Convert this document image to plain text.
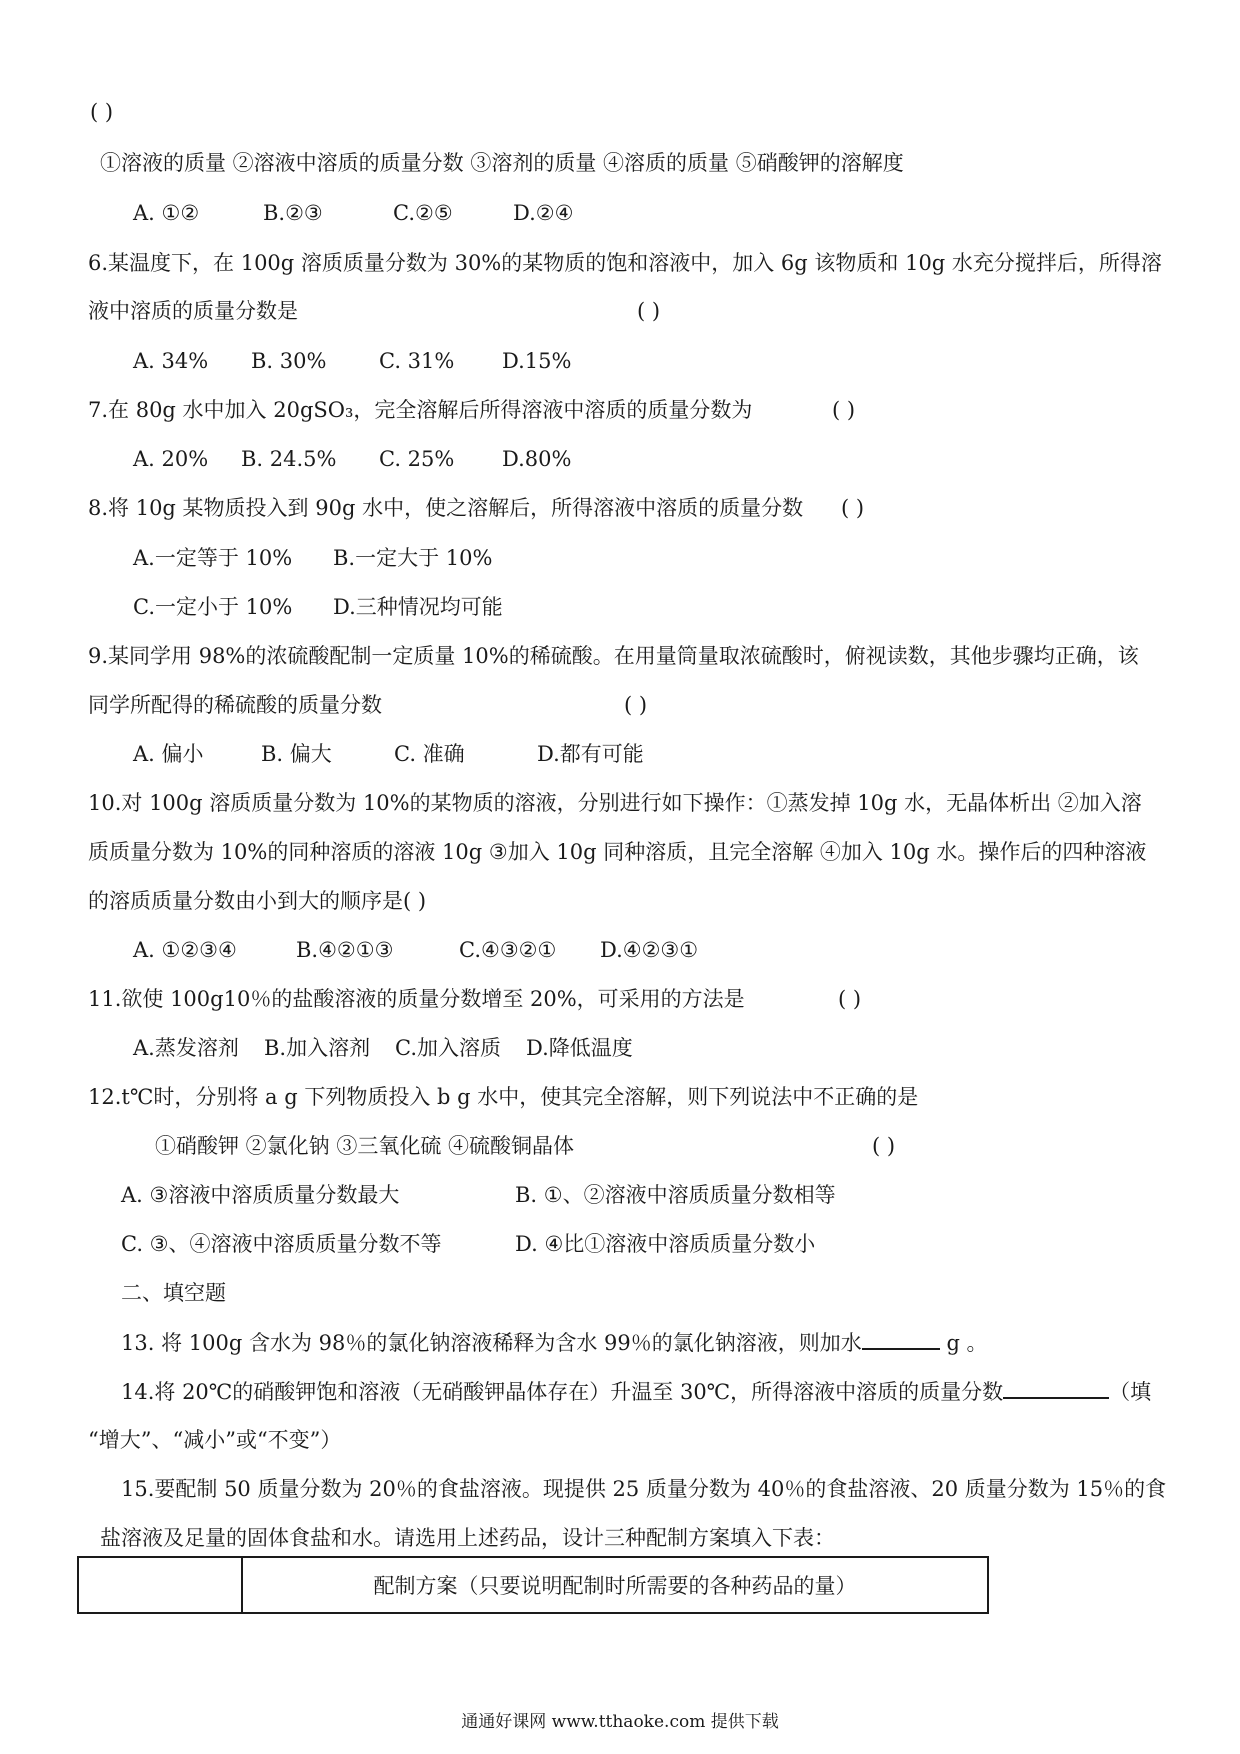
( )
①溶液的质量 ②溶液中溶质的质量分数 ③溶剂的质量 ④溶质的质量 ⑤硝酸钾的溶解度
A. ①②	B.②③	C.②⑤	D.②④
6.某温度下，在 100g 溶质质量分数为 30%的某物质的饱和溶液中，加入 6g 该物质和 10g 水充分搅拌后，所得溶
液中溶质的质量分数是	( )
A. 34% B. 30%	C. 31% D.15%
7.在 80g 水中加入 20gSO₃，完全溶解后所得溶液中溶质的质量分数为	( )
A. 20% B. 24.5% C. 25% D.80%
8.将 10g 某物质投入到 90g 水中，使之溶解后，所得溶液中溶质的质量分数 ( )
A.一定等于 10% B.一定大于 10%
C.一定小于 10% D.三种情况均可能
9.某同学用 98%的浓硫酸配制一定质量 10%的稀硫酸。在用量筒量取浓硫酸时，俯视读数，其他步骤均正确，该
同学所配得的稀硫酸的质量分数	( )
A. 偏小	B. 偏大	C. 准确	D.都有可能
10.对 100g 溶质质量分数为 10%的某物质的溶液，分别进行如下操作：①蒸发掉 10g 水，无晶体析出 ②加入溶
质质量分数为 10%的同种溶质的溶液 10g ③加入 10g 同种溶质，且完全溶解 ④加入 10g 水。操作后的四种溶液
的溶质质量分数由小到大的顺序是( )
A. ①②③④	B.④②①③	C.④③②① D.④②③①
11.欲使 100g10％的盐酸溶液的质量分数增至 20%，可采用的方法是	( )
A.蒸发溶剂 B.加入溶剂 C.加入溶质 D.降低温度
12.t℃时，分别将 a g 下列物质投入 b g 水中，使其完全溶解，则下列说法中不正确的是
①硝酸钾 ②氯化钠 ③三氧化硫 ④硫酸铜晶体	( )
A. ③溶液中溶质质量分数最大	B. ①、②溶液中溶质质量分数相等
C. ③、④溶液中溶质质量分数不等	D. ④比①溶液中溶质质量分数小
二、填空题
13. 将 100g 含水为 98％的氯化钠溶液稀释为含水 99％的氯化钠溶液，则加水	g 。
14.将 20℃的硝酸钾饱和溶液（无硝酸钾晶体存在）升温至 30℃，所得溶液中溶质的质量分数	（填
“增大”、“减小”或“不变”）
15.要配制 50 质量分数为 20％的食盐溶液。现提供 25 质量分数为 40％的食盐溶液、20 质量分数为 15％的食
盐溶液及足量的固体食盐和水。请选用上述药品，设计三种配制方案填入下表：
	配制方案（只要说明配制时所需要的各种药品的量）
通通好课网 www.tthaoke.com 提供下载
